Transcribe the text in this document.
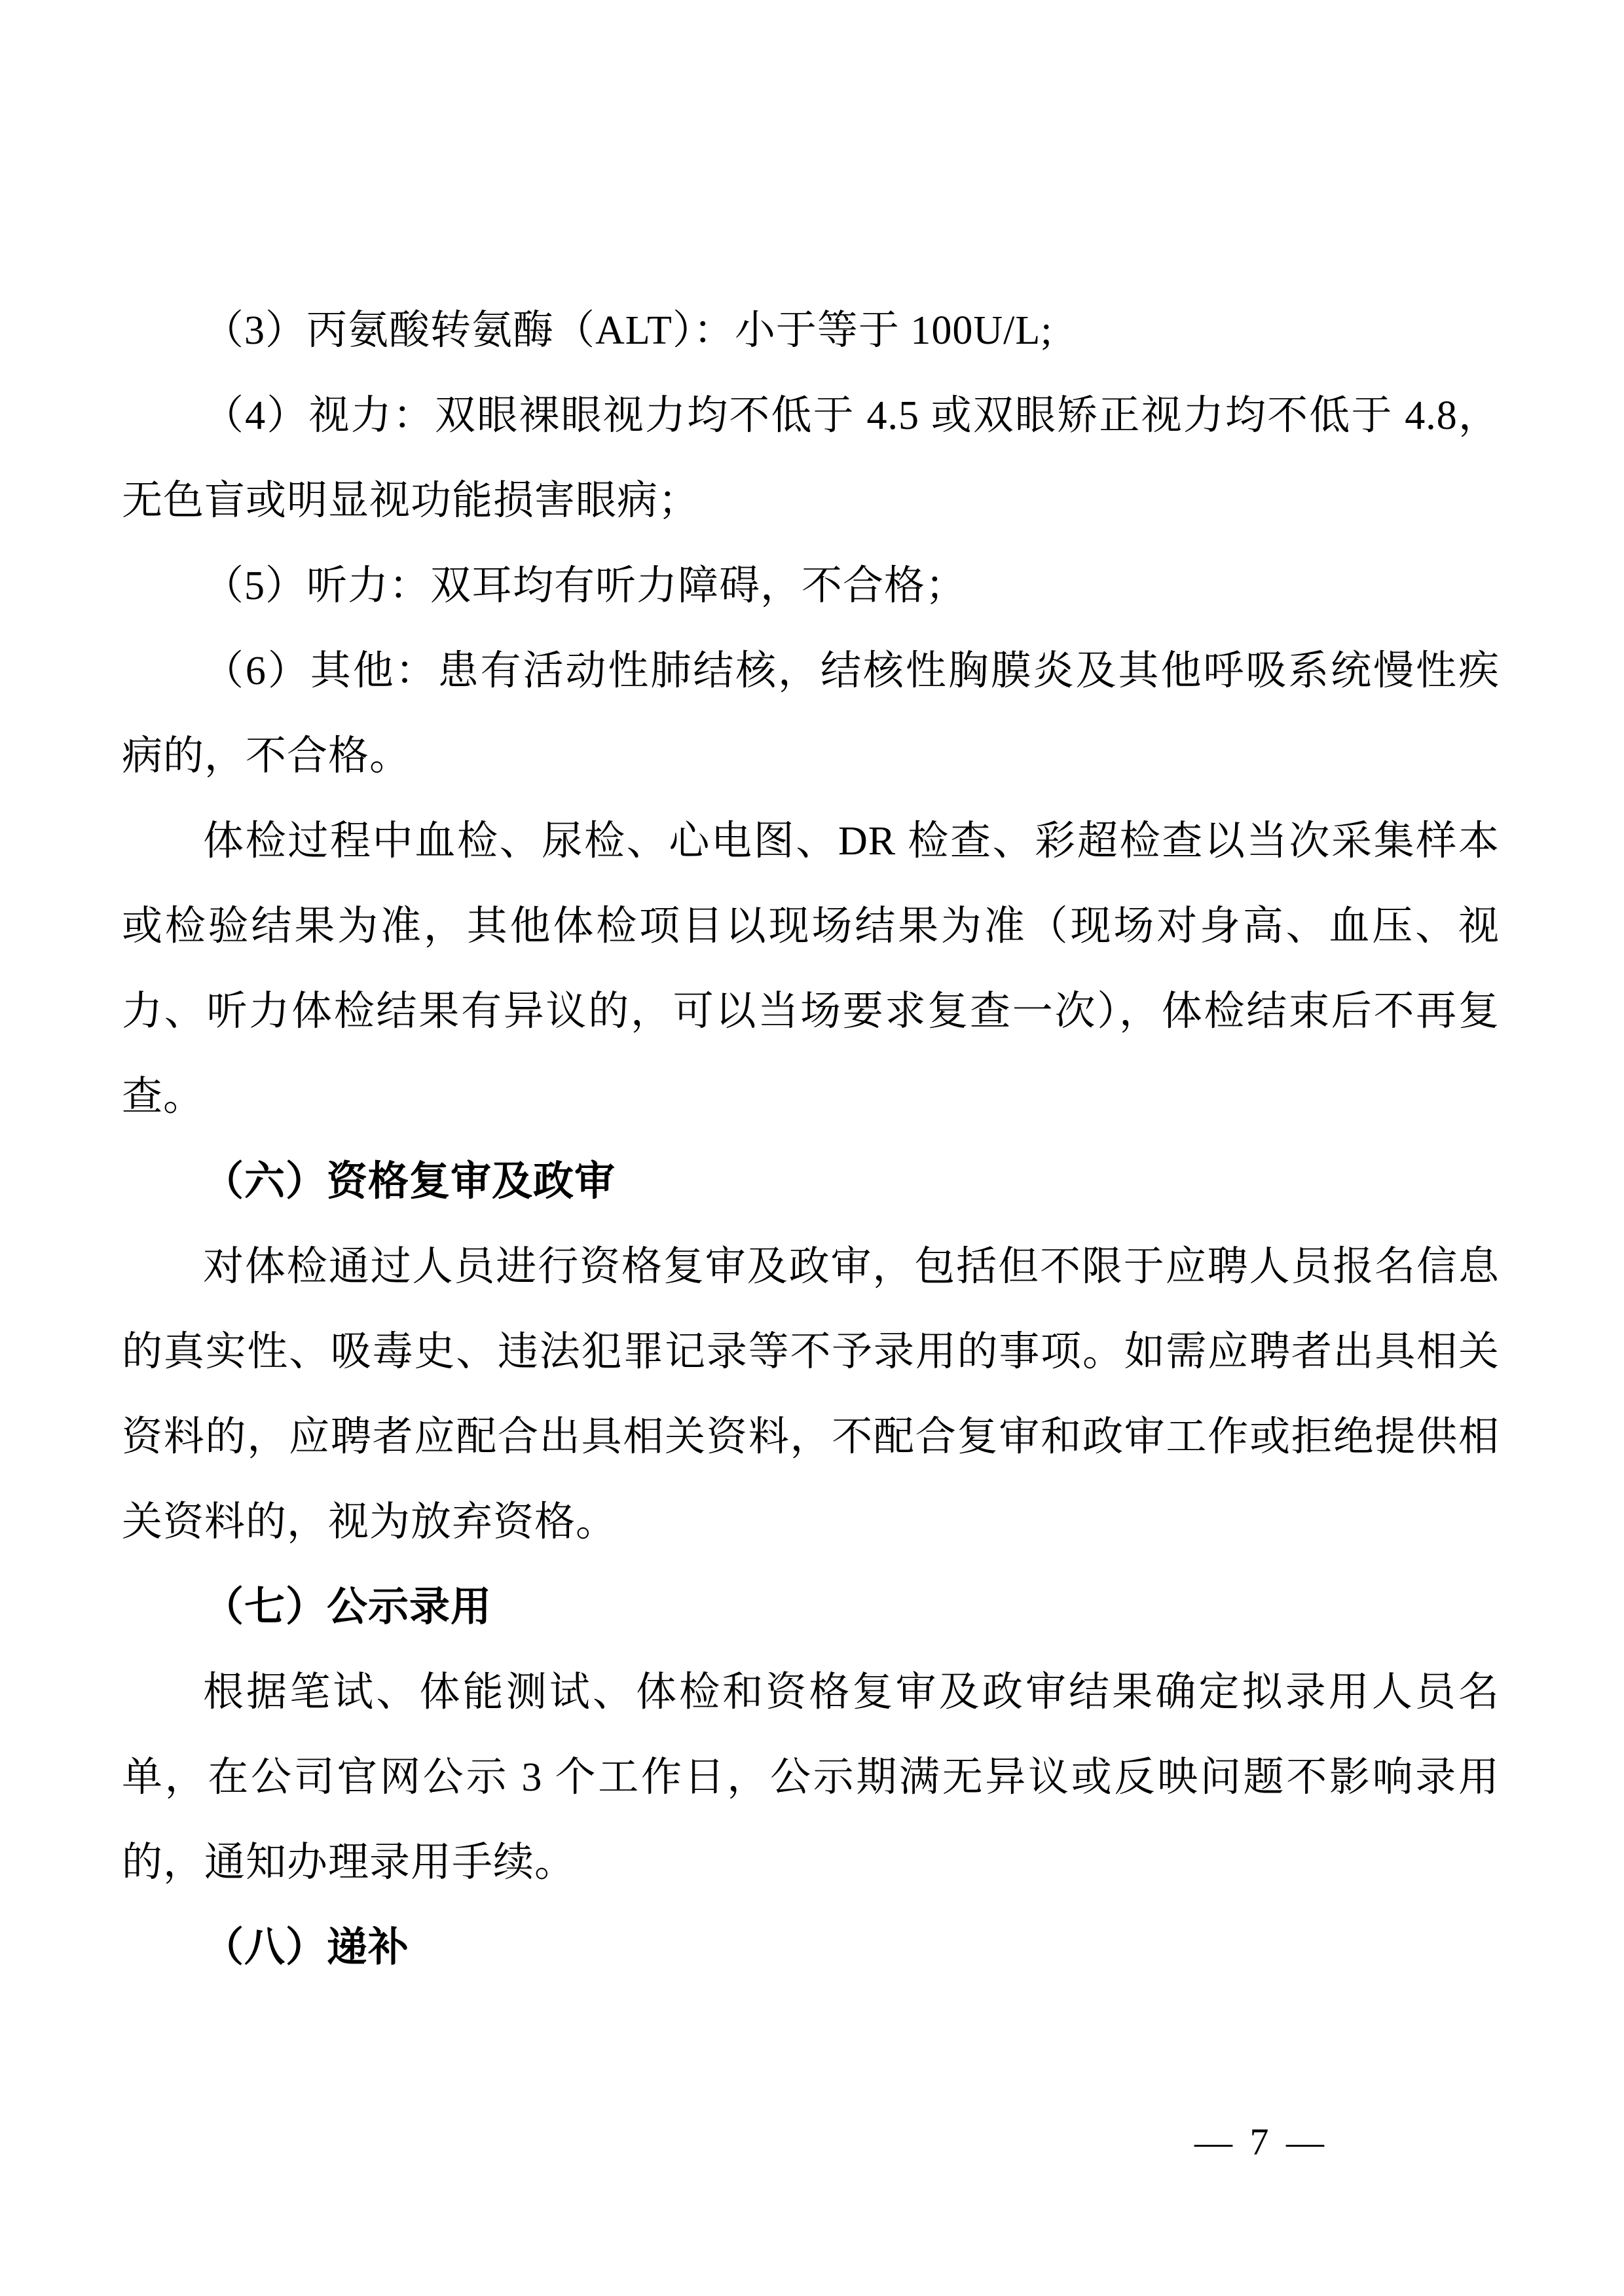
（3）丙氨酸转氨酶（ALT）：小于等于 100U/L;

（4）视力：双眼裸眼视力均不低于 4.5 或双眼矫正视力均不低于 4.8，无色盲或明显视功能损害眼病；

（5）听力：双耳均有听力障碍，不合格；

（6）其他：患有活动性肺结核，结核性胸膜炎及其他呼吸系统慢性疾病的，不合格。

体检过程中血检、尿检、心电图、DR 检查、彩超检查以当次采集样本或检验结果为准，其他体检项目以现场结果为准（现场对身高、血压、视力、听力体检结果有异议的，可以当场要求复查一次），体检结束后不再复查。

（六）资格复审及政审

对体检通过人员进行资格复审及政审，包括但不限于应聘人员报名信息的真实性、吸毒史、违法犯罪记录等不予录用的事项。如需应聘者出具相关资料的，应聘者应配合出具相关资料，不配合复审和政审工作或拒绝提供相关资料的，视为放弃资格。

（七）公示录用

根据笔试、体能测试、体检和资格复审及政审结果确定拟录用人员名单，在公司官网公示 3 个工作日，公示期满无异议或反映问题不影响录用的，通知办理录用手续。

（八）递补

— 7 —
